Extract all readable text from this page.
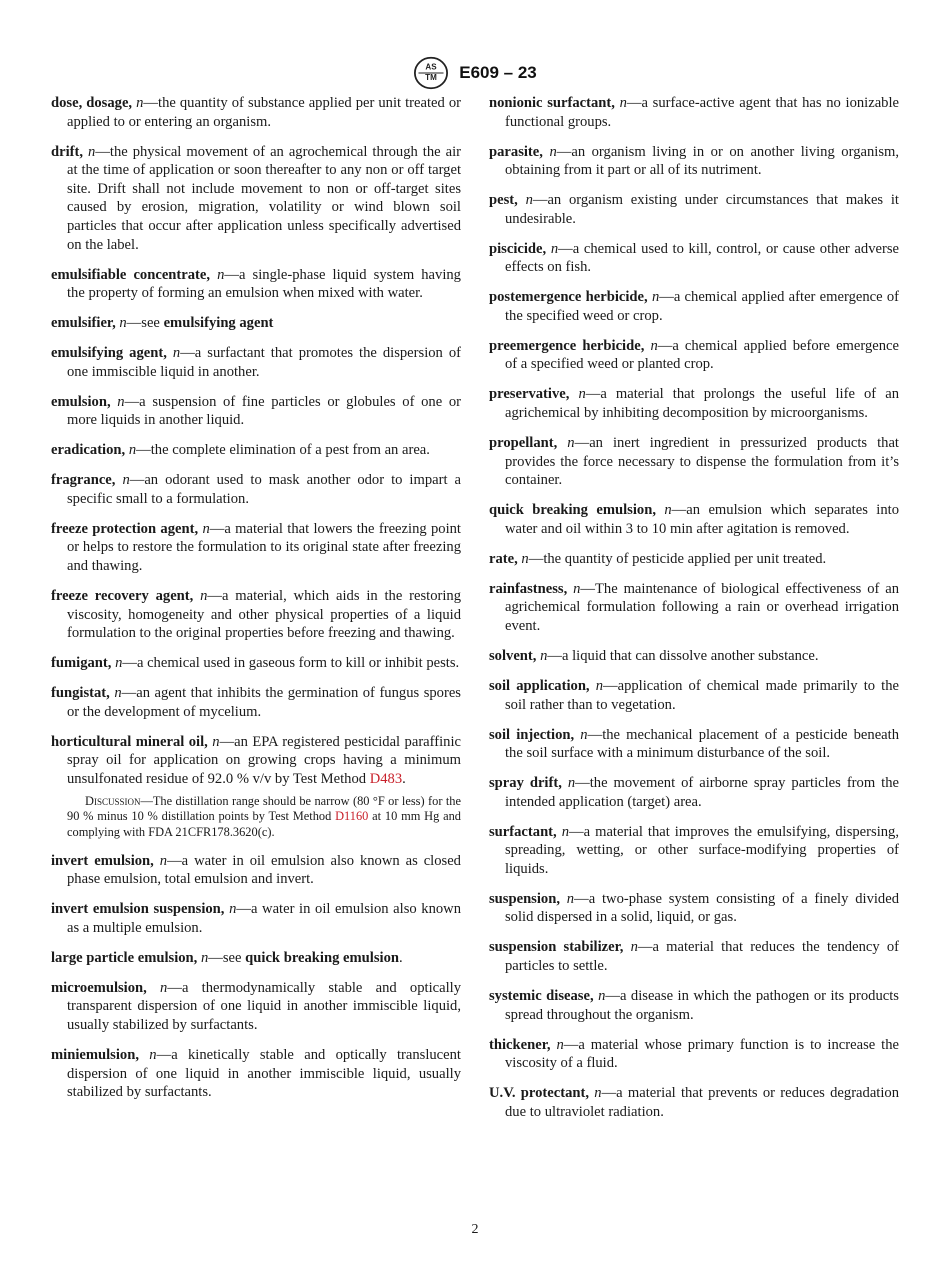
AS
TM E609 – 23

dose, dosage, n—the quantity of substance applied per unit treated or applied to or entering an organism.

drift, n—the physical movement of an agrochemical through the air at the time of application or soon thereafter to any non or off target site. Drift shall not include movement to non or off-target sites caused by erosion, migration, volatility or wind blown soil particles that occur after application unless specifically advertised on the label.

emulsifiable concentrate, n—a single-phase liquid system having the property of forming an emulsion when mixed with water.

emulsifier, n—see emulsifying agent

emulsifying agent, n—a surfactant that promotes the dispersion of one immiscible liquid in another.

emulsion, n—a suspension of fine particles or globules of one or more liquids in another liquid.

eradication, n—the complete elimination of a pest from an area.

fragrance, n—an odorant used to mask another odor to impart a specific small to a formulation.

freeze protection agent, n—a material that lowers the freezing point or helps to restore the formulation to its original state after freezing and thawing.

freeze recovery agent, n—a material, which aids in the restoring viscosity, homogeneity and other physical properties of a liquid formulation to the original properties before freezing and thawing.

fumigant, n—a chemical used in gaseous form to kill or inhibit pests.

fungistat, n—an agent that inhibits the germination of fungus spores or the development of mycelium.

horticultural mineral oil, n—an EPA registered pesticidal paraffinic spray oil for application on growing crops having a minimum unsulfonated residue of 92.0 % v/v by Test Method D483.

Discussion—The distillation range should be narrow (80 °F or less) for the 90 % minus 10 % distillation points by Test Method D1160 at 10 mm Hg and complying with FDA 21CFR178.3620(c).

invert emulsion, n—a water in oil emulsion also known as closed phase emulsion, total emulsion and invert.

invert emulsion suspension, n—a water in oil emulsion also known as a multiple emulsion.

large particle emulsion, n—see quick breaking emulsion.

microemulsion, n—a thermodynamically stable and optically transparent dispersion of one liquid in another immiscible liquid, usually stabilized by surfactants.

miniemulsion, n—a kinetically stable and optically translucent dispersion of one liquid in another immiscible liquid, usually stabilized by surfactants.

nonionic surfactant, n—a surface-active agent that has no ionizable functional groups.

parasite, n—an organism living in or on another living organism, obtaining from it part or all of its nutriment.

pest, n—an organism existing under circumstances that makes it undesirable.

piscicide, n—a chemical used to kill, control, or cause other adverse effects on fish.

postemergence herbicide, n—a chemical applied after emergence of the specified weed or crop.

preemergence herbicide, n—a chemical applied before emergence of a specified weed or planted crop.

preservative, n—a material that prolongs the useful life of an agrichemical by inhibiting decomposition by microorganisms.

propellant, n—an inert ingredient in pressurized products that provides the force necessary to dispense the formulation from it’s container.

quick breaking emulsion, n—an emulsion which separates into water and oil within 3 to 10 min after agitation is removed.

rate, n—the quantity of pesticide applied per unit treated.

rainfastness, n—The maintenance of biological effectiveness of an agrichemical formulation following a rain or overhead irrigation event.

solvent, n—a liquid that can dissolve another substance.

soil application, n—application of chemical made primarily to the soil rather than to vegetation.

soil injection, n—the mechanical placement of a pesticide beneath the soil surface with a minimum disturbance of the soil.

spray drift, n—the movement of airborne spray particles from the intended application (target) area.

surfactant, n—a material that improves the emulsifying, dispersing, spreading, wetting, or other surface-modifying properties of liquids.

suspension, n—a two-phase system consisting of a finely divided solid dispersed in a solid, liquid, or gas.

suspension stabilizer, n—a material that reduces the tendency of particles to settle.

systemic disease, n—a disease in which the pathogen or its products spread throughout the organism.

thickener, n—a material whose primary function is to increase the viscosity of a fluid.

U.V. protectant, n—a material that prevents or reduces degradation due to ultraviolet radiation.

2
